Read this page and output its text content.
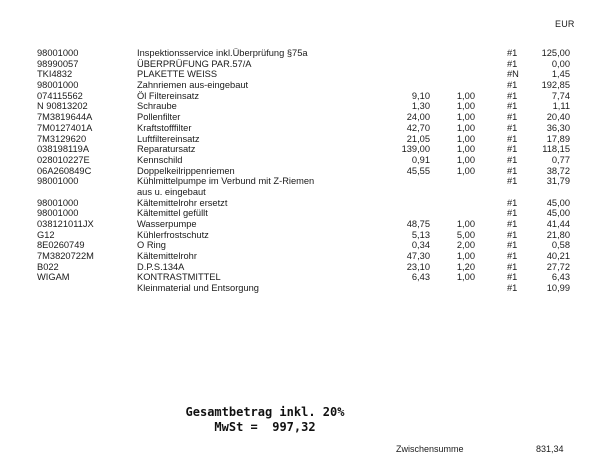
EUR
98001000	Inspektionsservice inkl.Überprüfung §75a	#1	125,00
98990057	ÜBERPRÜFUNG PAR.57/A	#1	0,00
TKI4832	PLAKETTE WEISS	#N	1,45
98001000	Zahnriemen aus-eingebaut	#1	192,85
074115562	Öl Filtereinsatz	9,10	1,00	#1	7,74
N 90813202	Schraube	1,30	1,00	#1	1,11
7M3819644A	Pollenfilter	24,00	1,00	#1	20,40
7M0127401A	Kraftstofffilter	42,70	1,00	#1	36,30
7M3129620	Luftfiltereinsatz	21,05	1,00	#1	17,89
038198119A	Reparatursatz	139,00	1,00	#1	118,15
028010227E	Kennschild	0,91	1,00	#1	0,77
06A260849C	Doppelkeilrippenriemen	45,55	1,00	#1	38,72
98001000	Kühlmittelpumpe im Verbund mit Z-Riemen	#1	31,79
aus u. eingebaut
98001000	Kältemittelrohr ersetzt	#1	45,00
98001000	Kältemittel gefüllt	#1	45,00
038121011JX	Wasserpumpe	48,75	1,00	#1	41,44
G12	Kühlerfrostschutz	5,13	5,00	#1	21,80
8E0260749	O Ring	0,34	2,00	#1	0,58
7M3820722M	Kältemittelrohr	47,30	1,00	#1	40,21
B022	D.P.S.134A	23,10	1,20	#1	27,72
WIGAM	KONTRASTMITTEL	6,43	1,00	#1	6,43
Kleinmaterial und Entsorgung	#1	10,99
Gesamtbetrag inkl. 20%
MwSt =  997,32
Zwischensumme	831,34
